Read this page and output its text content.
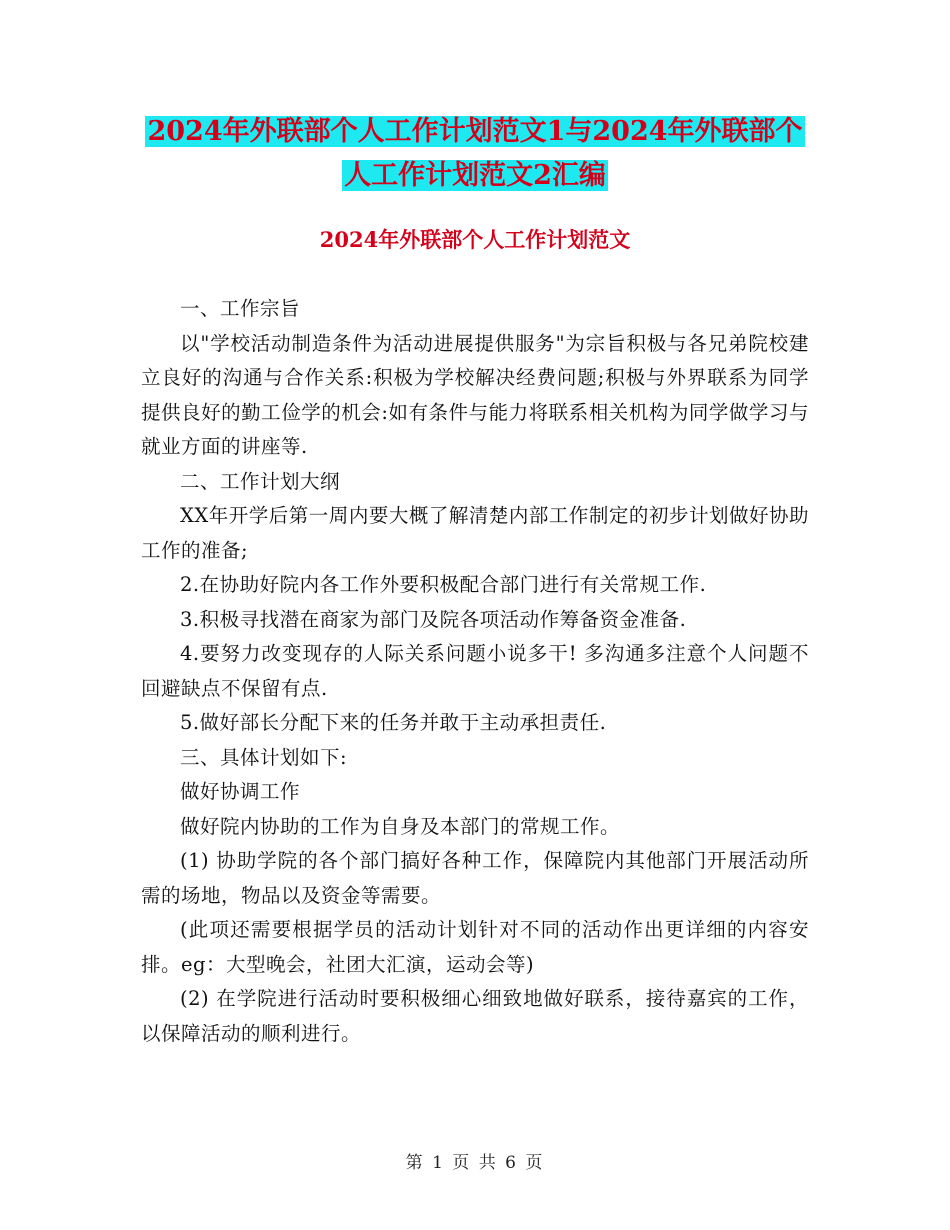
2024年外联部个人工作计划范文1与2024年外联部个
人工作计划范文2汇编
2024年外联部个人工作计划范文

一、工作宗旨

以"学校活动制造条件为活动进展提供服务"为宗旨积极与各兄弟院校建立良好的沟通与合作关系:积极为学校解决经费问题;积极与外界联系为同学提供良好的勤工俭学的机会:如有条件与能力将联系相关机构为同学做学习与就业方面的讲座等.

二、工作计划大纲

XX年开学后第一周内要大概了解清楚内部工作制定的初步计划做好协助工作的准备;

2.在协助好院内各工作外要积极配合部门进行有关常规工作.

3.积极寻找潜在商家为部门及院各项活动作筹备资金准备.

4.要努力改变现存的人际关系问题小说多干! 多沟通多注意个人问题不回避缺点不保留有点.

5.做好部长分配下来的任务并敢于主动承担责任.

三、具体计划如下:

做好协调工作

做好院内协助的工作为自身及本部门的常规工作。

(1) 协助学院的各个部门搞好各种工作，保障院内其他部门开展活动所需的场地，物品以及资金等需要。

(此项还需要根据学员的活动计划针对不同的活动作出更详细的内容安排。eg：大型晚会，社团大汇演，运动会等)

(2) 在学院进行活动时要积极细心细致地做好联系，接待嘉宾的工作，以保障活动的顺利进行。

第 1 页 共 6 页
